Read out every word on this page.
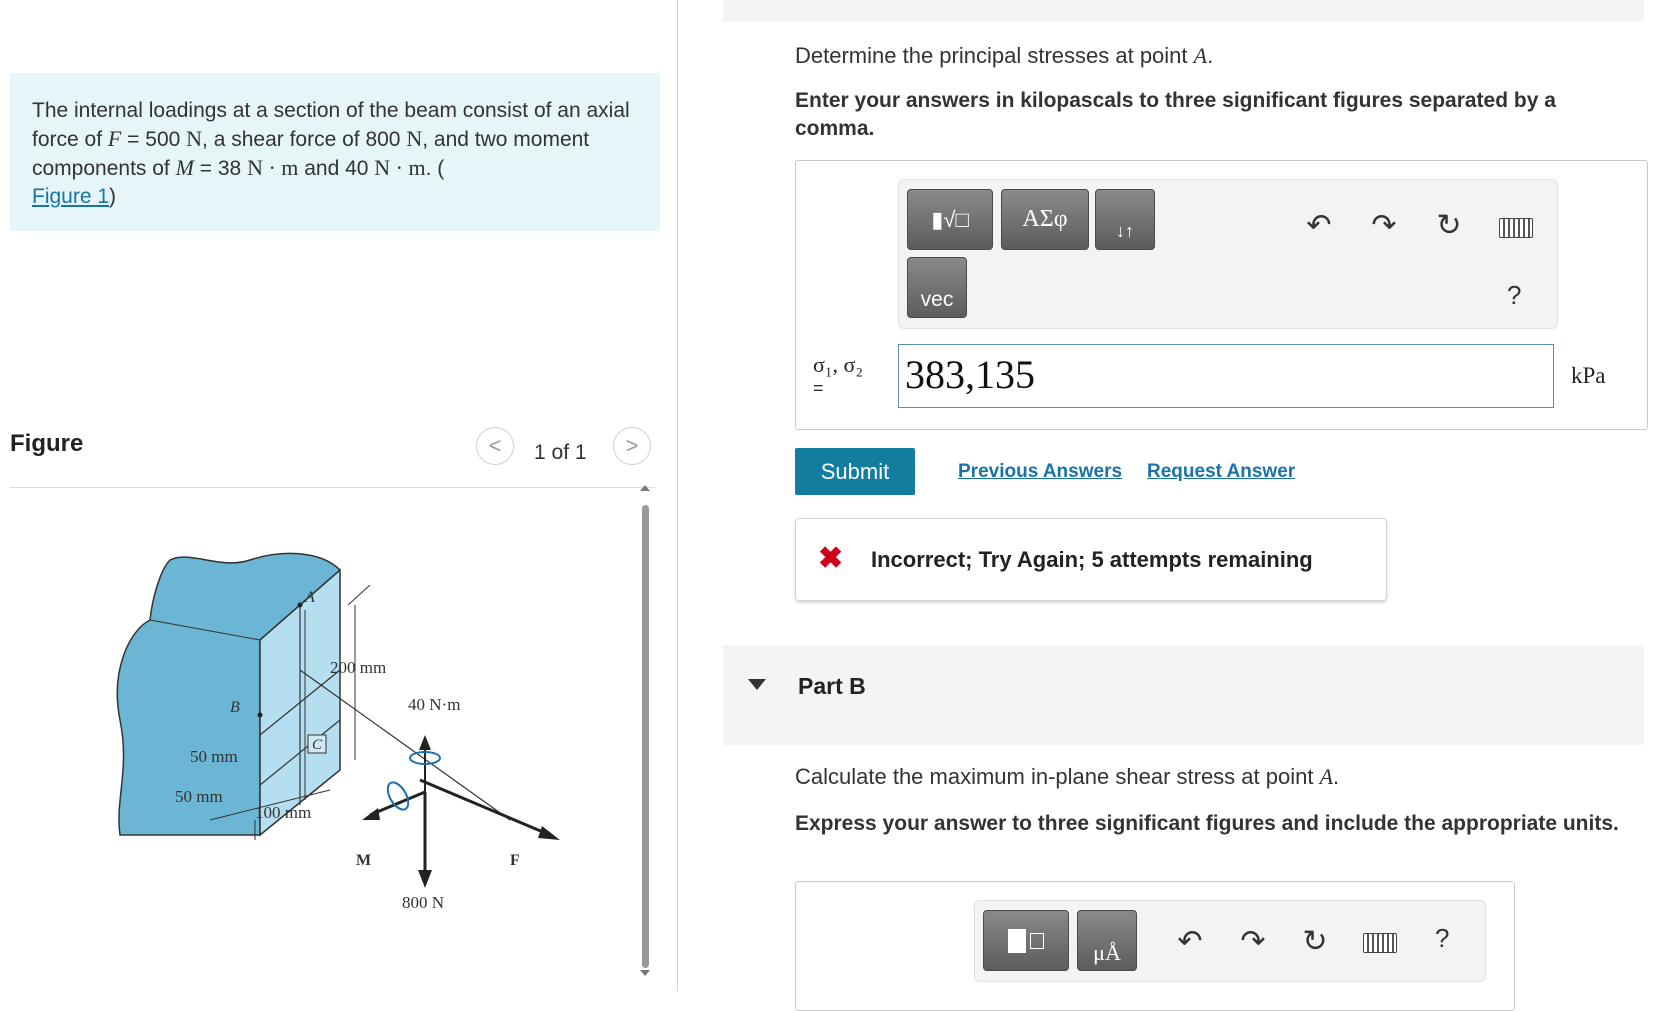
The internal loadings at a section of the beam consist of an axial force of F = 500 N, a shear force of 800 N, and two moment components of M = 38 N · m and 40 N · m. (
Figure 1)
Figure	< 1 of 1 >
A
B
C
200 mm
50 mm
50 mm
100 mm
40 N·m
M	F
800 N
Determine the principal stresses at point A.
Enter your answers in kilopascals to three significant figures separated by a comma.
▮√□	ΑΣφ	↓↑
vec
↶ ↷ ↻
?
σ₁, σ₂
= 383,135	kPa
Submit	Previous Answers Request Answer
✖ Incorrect; Try Again; 5 attempts remaining
Part B
Calculate the maximum in-plane shear stress at point A.
Express your answer to three significant figures and include the appropriate units.
μÅ ↶ ↷ ↻	?
